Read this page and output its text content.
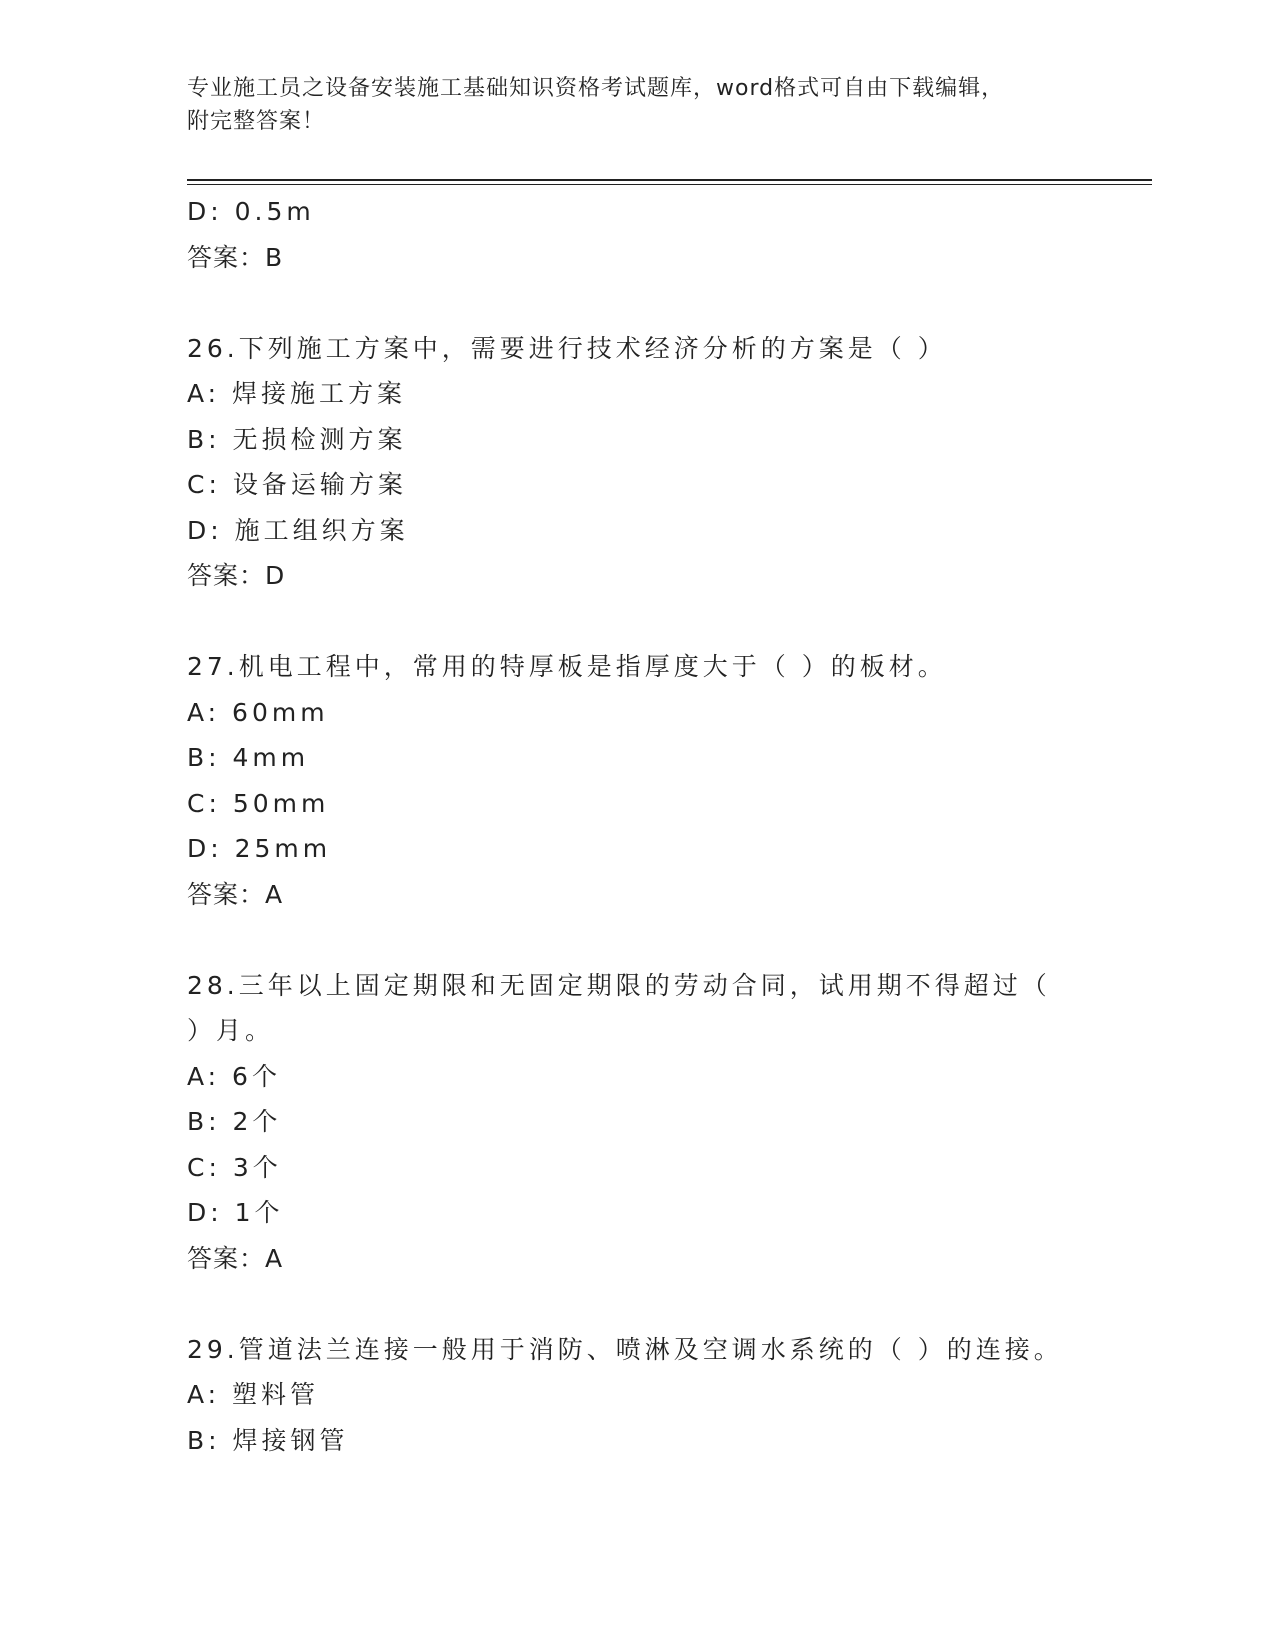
专业施工员之设备安装施工基础知识资格考试题库，word格式可自由下载编辑，
附完整答案！
D: 0.5m
答案：B
26.下列施工方案中，需要进行技术经济分析的方案是（ ）
A: 焊接施工方案
B: 无损检测方案
C: 设备运输方案
D: 施工组织方案
答案：D
27.机电工程中，常用的特厚板是指厚度大于（ ）的板材。
A: 60mm
B: 4mm
C: 50mm
D: 25mm
答案：A
28.三年以上固定期限和无固定期限的劳动合同，试用期不得超过（
）月。
A: 6个
B: 2个
C: 3个
D: 1个
答案：A
29.管道法兰连接一般用于消防、喷淋及空调水系统的（ ）的连接。
A: 塑料管
B: 焊接钢管
